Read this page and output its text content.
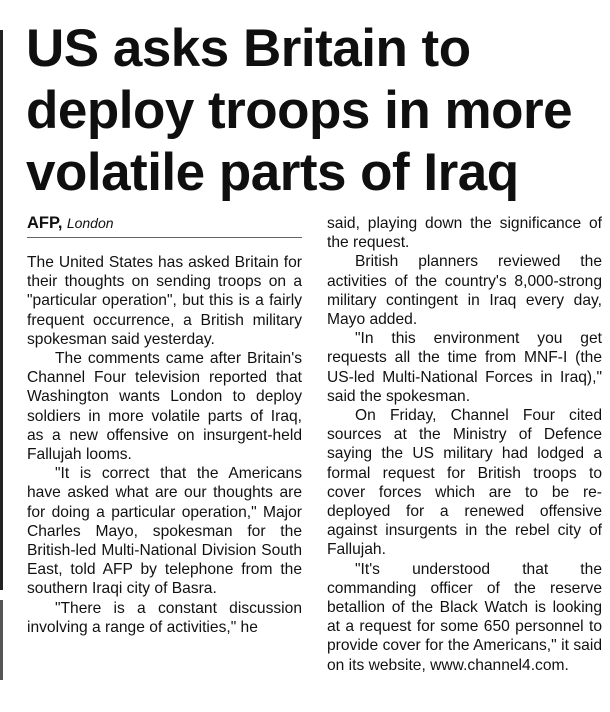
US asks Britain to deploy troops in more volatile parts of Iraq
AFP, London

The United States has asked Britain for their thoughts on sending troops on a "particular operation", but this is a fairly frequent occurrence, a British military spokesman said yesterday.

The comments came after Britain's Channel Four television reported that Washington wants London to deploy soldiers in more volatile parts of Iraq, as a new offensive on insurgent-held Fallujah looms.

"It is correct that the Americans have asked what are our thoughts are for doing a particular operation," Major Charles Mayo, spokesman for the British-led Multi-National Division South East, told AFP by telephone from the southern Iraqi city of Basra.

"There is a constant discussion involving a range of activities," he

said, playing down the significance of the request.

British planners reviewed the activities of the country's 8,000-strong military contingent in Iraq every day, Mayo added.

"In this environment you get requests all the time from MNF-I (the US-led Multi-National Forces in Iraq)," said the spokesman.

On Friday, Channel Four cited sources at the Ministry of Defence saying the US military had lodged a formal request for British troops to cover forces which are to be re-deployed for a renewed offensive against insurgents in the rebel city of Fallujah.

"It's understood that the commanding officer of the reserve betallion of the Black Watch is looking at a request for some 650 personnel to provide cover for the Americans," it said on its website, www.channel4.com.
